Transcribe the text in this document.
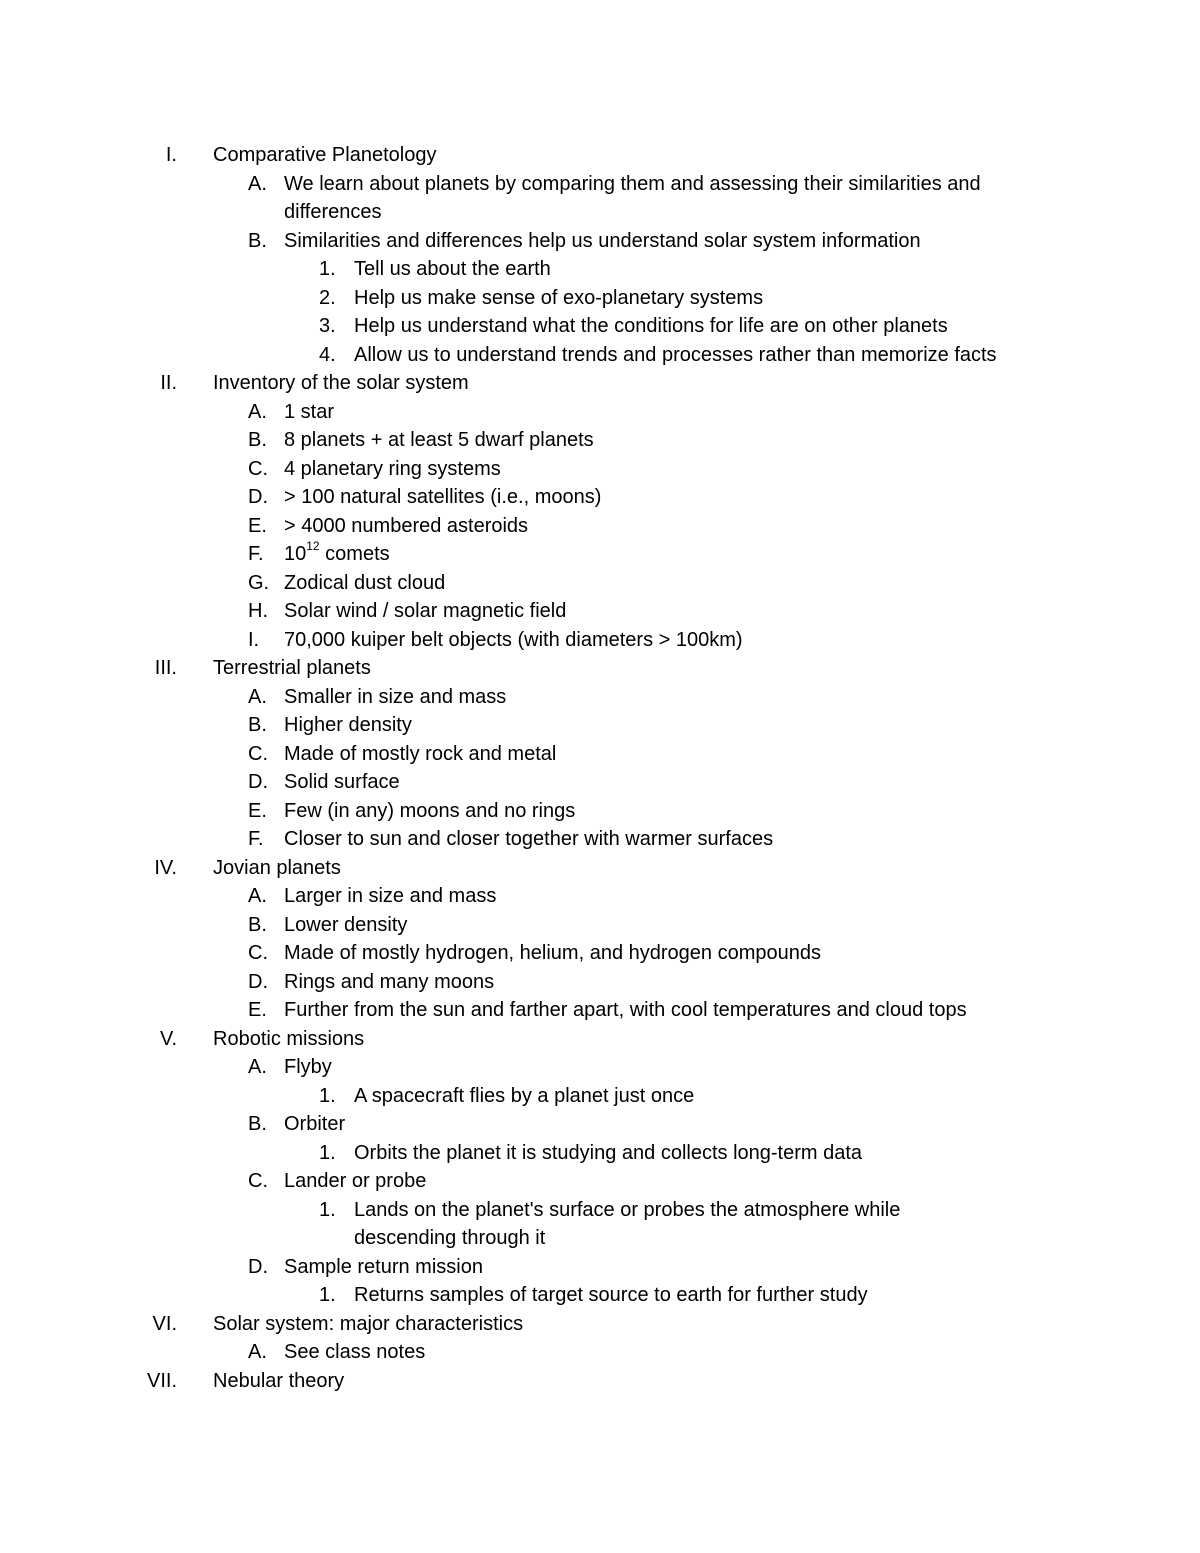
I. Comparative Planetology
A. We learn about planets by comparing them and assessing their similarities and
differences
B. Similarities and differences help us understand solar system information
1. Tell us about the earth
2. Help us make sense of exo-planetary systems
3. Help us understand what the conditions for life are on other planets
4. Allow us to understand trends and processes rather than memorize facts
II. Inventory of the solar system
A. 1 star
B. 8 planets + at least 5 dwarf planets
C. 4 planetary ring systems
D. > 100 natural satellites (i.e., moons)
E. > 4000 numbered asteroids
F. $10^{12}$ comets
G. Zodical dust cloud
H. Solar wind / solar magnetic field
I. 70,000 kuiper belt objects (with diameters > 100km)
III. Terrestrial planets
A. Smaller in size and mass
B. Higher density
C. Made of mostly rock and metal
D. Solid surface
E. Few (in any) moons and no rings
F. Closer to sun and closer together with warmer surfaces
IV. Jovian planets
A. Larger in size and mass
B. Lower density
C. Made of mostly hydrogen, helium, and hydrogen compounds
D. Rings and many moons
E. Further from the sun and farther apart, with cool temperatures and cloud tops
V. Robotic missions
A. Flyby
1. A spacecraft flies by a planet just once
B. Orbiter
1. Orbits the planet it is studying and collects long-term data
C. Lander or probe
1. Lands on the planet's surface or probes the atmosphere while
descending through it
D. Sample return mission
1. Returns samples of target source to earth for further study
VI. Solar system: major characteristics
A. See class notes
VII. Nebular theory
